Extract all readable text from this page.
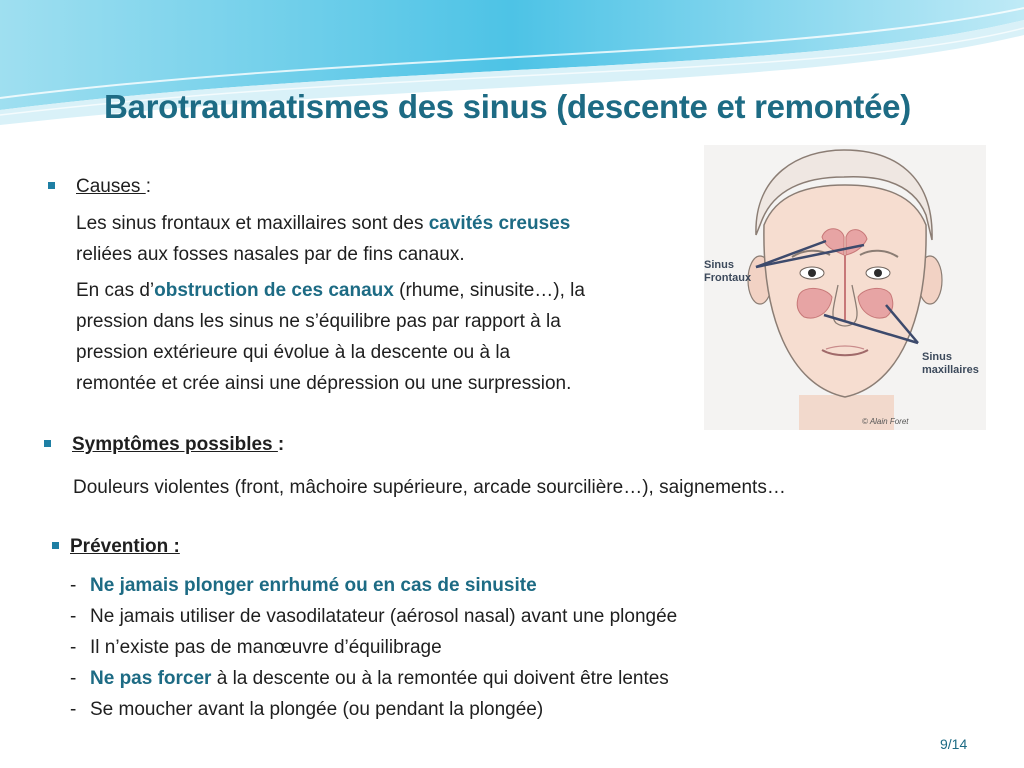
Barotraumatismes des sinus (descente et remontée)
Causes :
Les sinus frontaux et maxillaires sont des cavités creuses
reliées aux fosses nasales par de fins canaux.
En cas d’obstruction de ces canaux (rhume, sinusite…), la
pression dans les sinus ne s’équilibre pas par rapport à la
pression extérieure qui évolue à la descente ou à la
remontée et crée ainsi une dépression ou une surpression.
Sinus
Frontaux
Sinus
maxillaires
© Alain Foret
Symptômes possibles :
Douleurs violentes (front, mâchoire supérieure, arcade sourcilière…), saignements…
Prévention :
- Ne jamais plonger enrhumé ou en cas de sinusite
- Ne jamais utiliser de vasodilatateur (aérosol nasal) avant une plongée
- Il n’existe pas de manœuvre d’équilibrage
- Ne pas forcer à la descente ou à la remontée qui doivent être lentes
- Se moucher avant la plongée (ou pendant la plongée)
9/14
